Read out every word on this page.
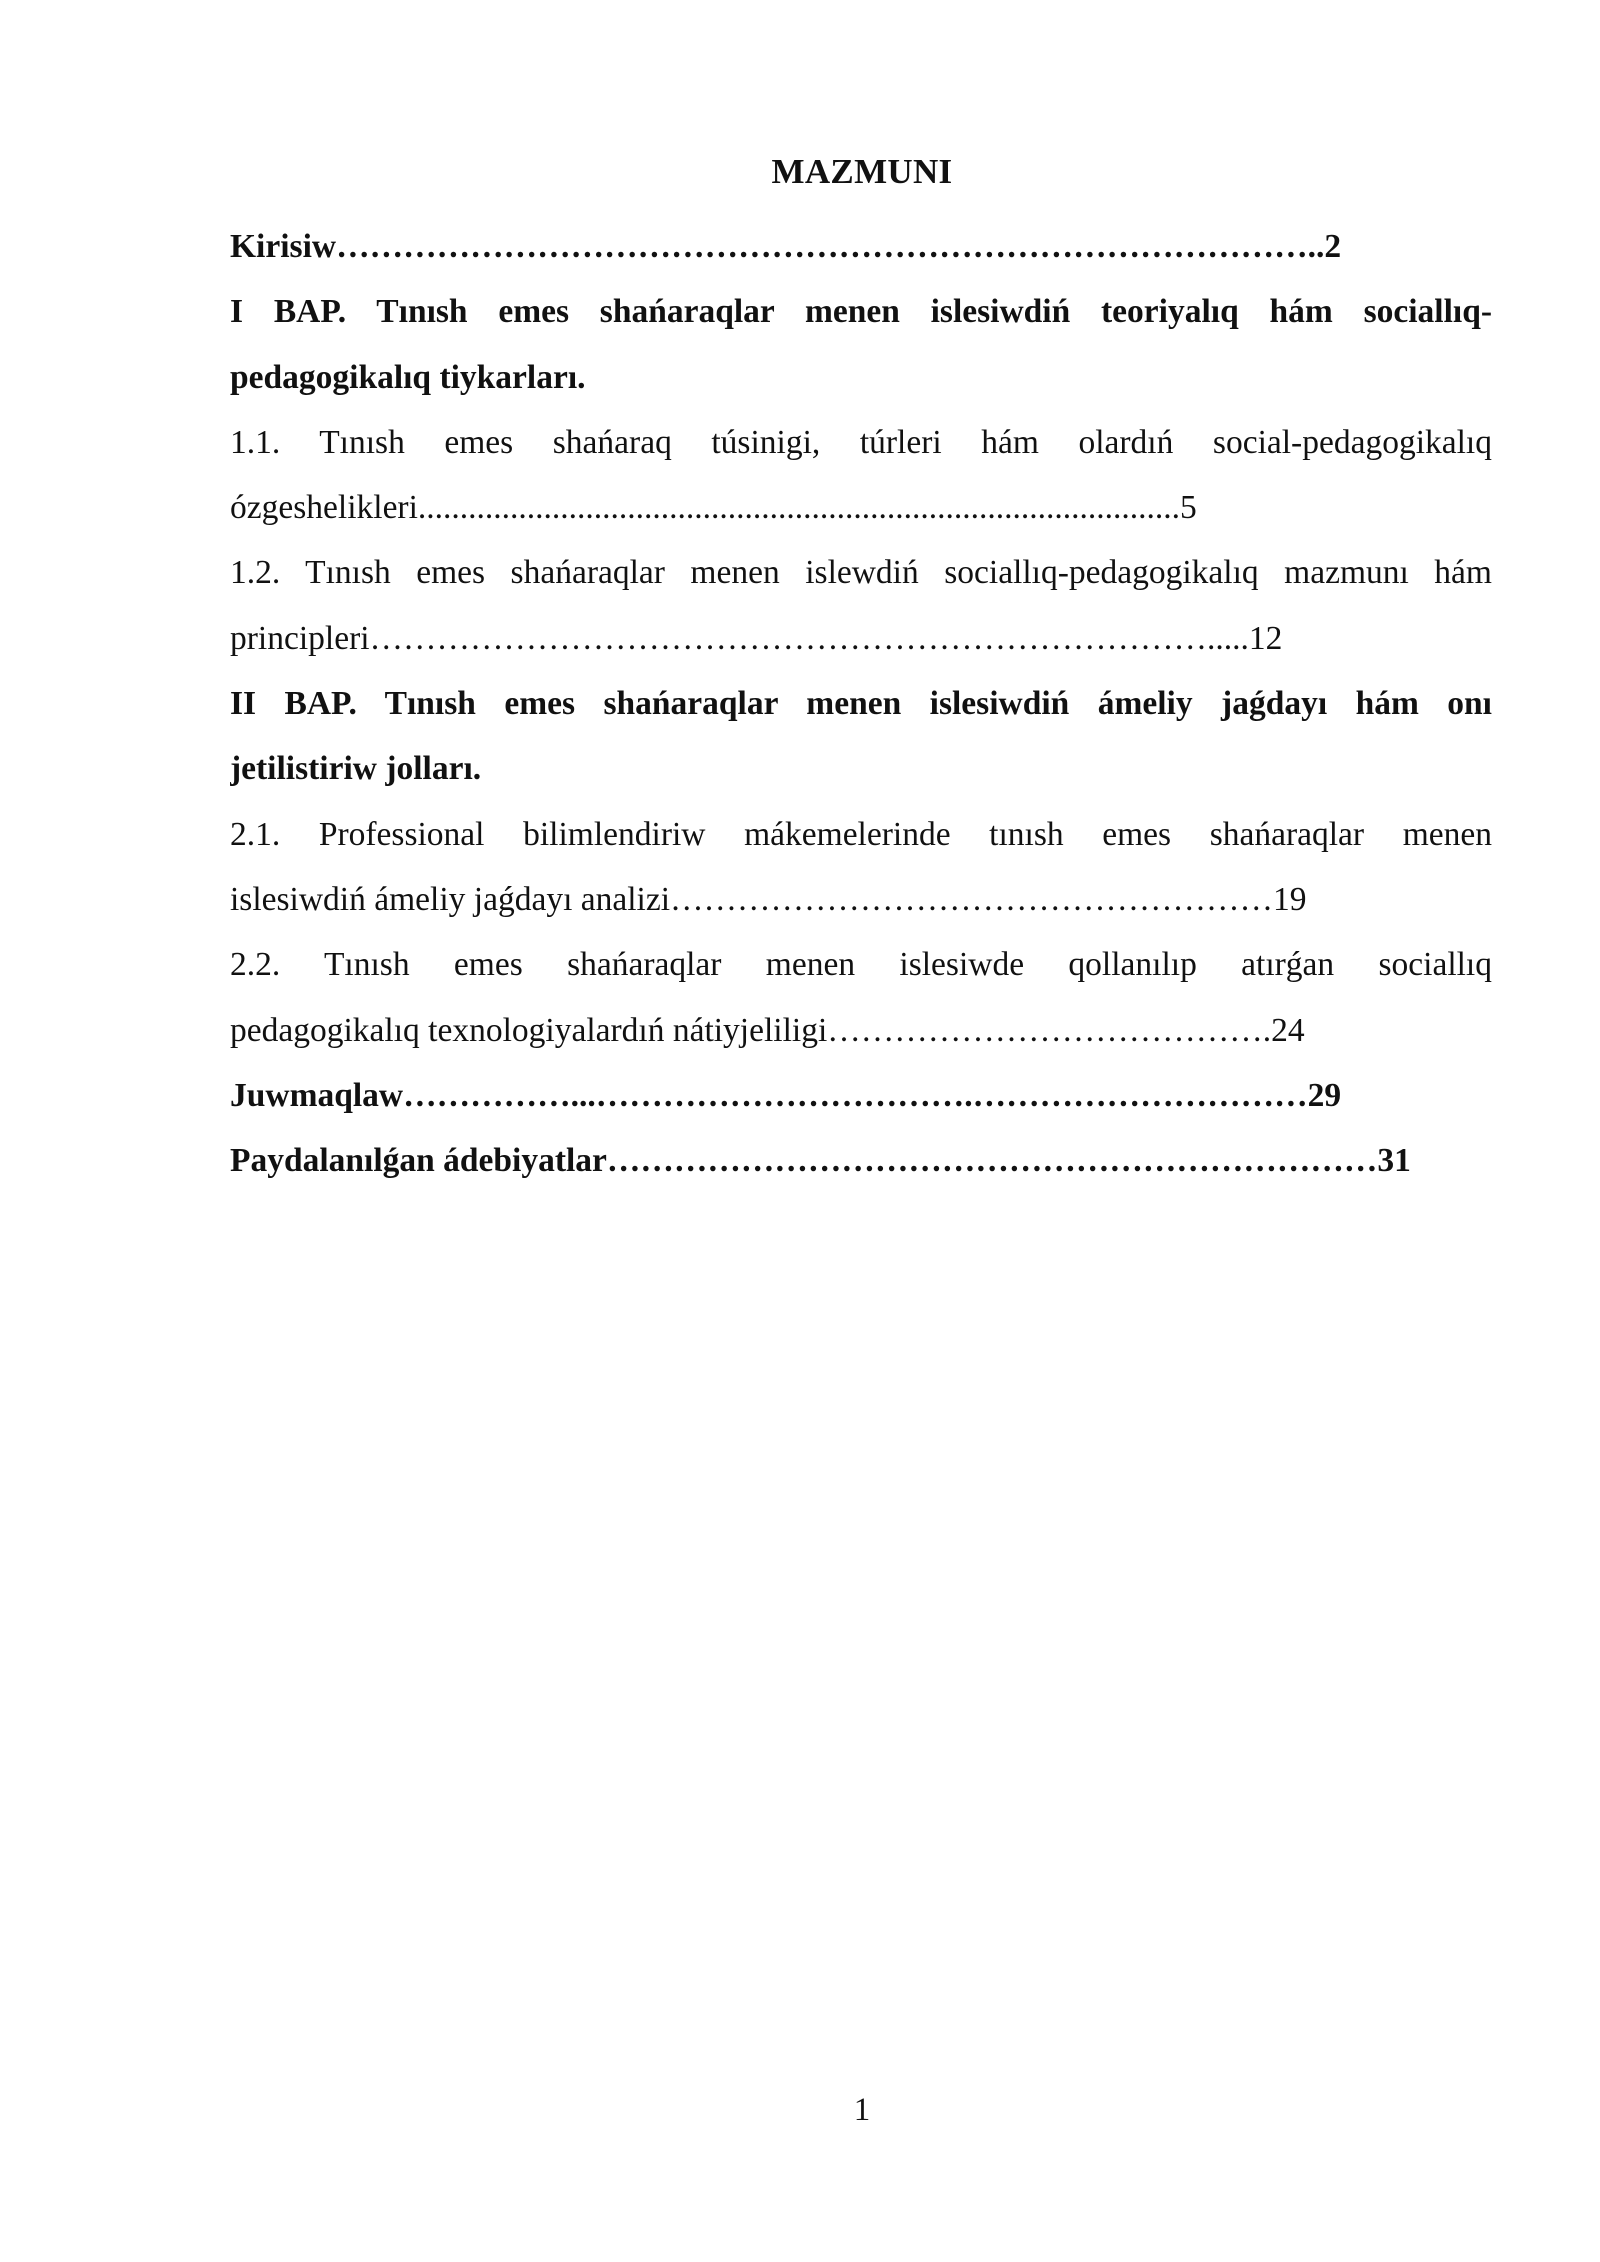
MAZMUNI
Kirisiw……………………………………………………………………………..2
I BAP. Tınısh emes shańaraqlar menen islesiwdiń teoriyalıq hám sociallıq-
pedagogikalıq tiykarları.
1.1. Tınısh emes shańaraq túsinigi, túrleri hám olardıń social-pedagogikalıq
ózgeshelikleri...........................................................................................5
1.2. Tınısh emes shańaraqlar menen islewdiń sociallıq-pedagogikalıq mazmunı hám
principleri………………………………………………………………….....12
II BAP. Tınısh emes shańaraqlar menen islesiwdiń ámeliy jaǵdayı hám onı
jetilistiriw jolları.
2.1. Professional bilimlendiriw mákemelerinde tınısh emes shańaraqlar menen
islesiwdiń ámeliy jaǵdayı analizi………………………………………………19
2.2. Tınısh emes shańaraqlar menen islesiwde qollanılıp atırǵan sociallıq
pedagogikalıq texnologiyalardıń nátiyjeliligi………………………………….24
Juwmaqlaw……………...…………………………….…………………………29
Paydalanılǵan ádebiyatlar……………………………………………………………31
1
